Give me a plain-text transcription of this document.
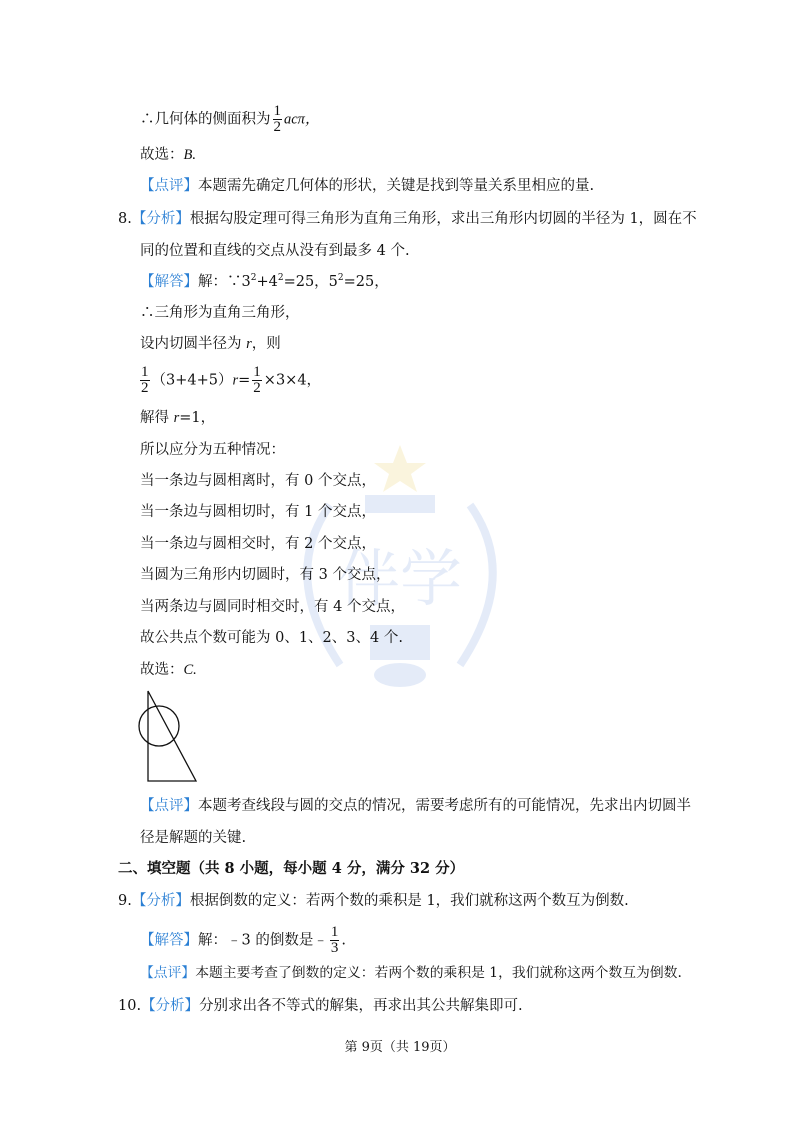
伴学
∴几何体的侧面积为 $\frac{1}{2}$ acπ，
故选：B.
【点评】本题需先确定几何体的形状，关键是找到等量关系里相应的量.
8.【分析】根据勾股定理可得三角形为直角三角形，求出三角形内切圆的半径为 1，圆在不
同的位置和直线的交点从没有到最多 4 个.
【解答】解：$\because 3^2+4^2=25$，$5^2=25$，
∴三角形为直角三角形，
设内切圆半径为 r，则
$\frac{1}{2} (3+4+5)r= \frac{1}{2} \times 3\times 4$，
解得 r=1，
所以应分为五种情况：
当一条边与圆相离时，有 0 个交点，
当一条边与圆相切时，有 1 个交点，
当一条边与圆相交时，有 2 个交点，
当圆为三角形内切圆时，有 3 个交点，
当两条边与圆同时相交时，有 4 个交点，
故公共点个数可能为 0、1、2、3、4 个.
故选：C.
【点评】本题考查线段与圆的交点的情况，需要考虑所有的可能情况，先求出内切圆半
径是解题的关键.
二、填空题（共 8 小题，每小题 4 分，满分 32 分）
9.【分析】根据倒数的定义：若两个数的乘积是 1，我们就称这两个数互为倒数.
【解答】解：﹣3 的倒数是﹣ $\frac{1}{3}$ .
【点评】本题主要考查了倒数的定义：若两个数的乘积是 1，我们就称这两个数互为倒数.
10.【分析】分别求出各不等式的解集，再求出其公共解集即可.
第 9页（共 19页）
